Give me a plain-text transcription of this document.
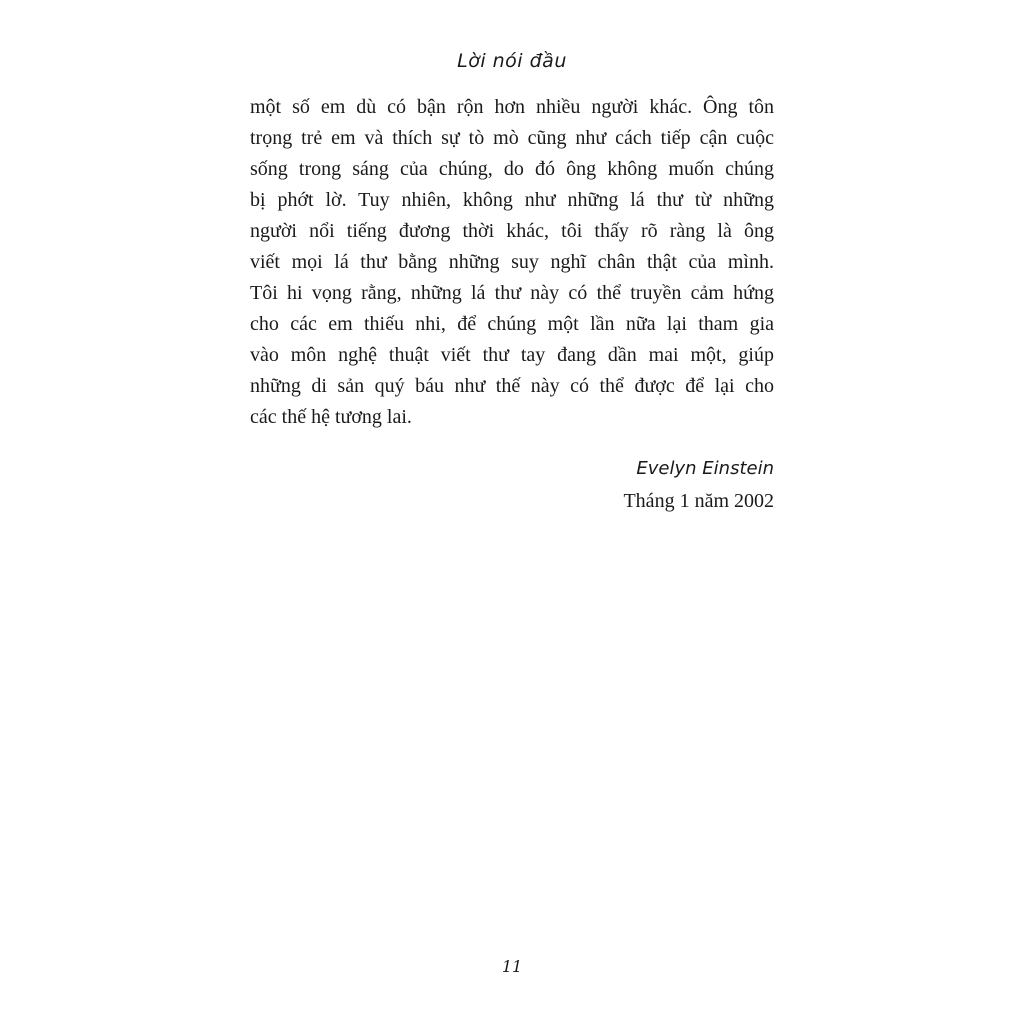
Lời nói đầu
một số em dù có bận rộn hơn nhiều người khác. Ông tôn
trọng trẻ em và thích sự tò mò cũng như cách tiếp cận cuộc
sống trong sáng của chúng, do đó ông không muốn chúng
bị phớt lờ. Tuy nhiên, không như những lá thư từ những
người nổi tiếng đương thời khác, tôi thấy rõ ràng là ông
viết mọi lá thư bằng những suy nghĩ chân thật của mình.
Tôi hi vọng rằng, những lá thư này có thể truyền cảm hứng
cho các em thiếu nhi, để chúng một lần nữa lại tham gia
vào môn nghệ thuật viết thư tay đang dần mai một, giúp
những di sản quý báu như thế này có thể được để lại cho
các thế hệ tương lai.
Evelyn Einstein
Tháng 1 năm 2002
11
